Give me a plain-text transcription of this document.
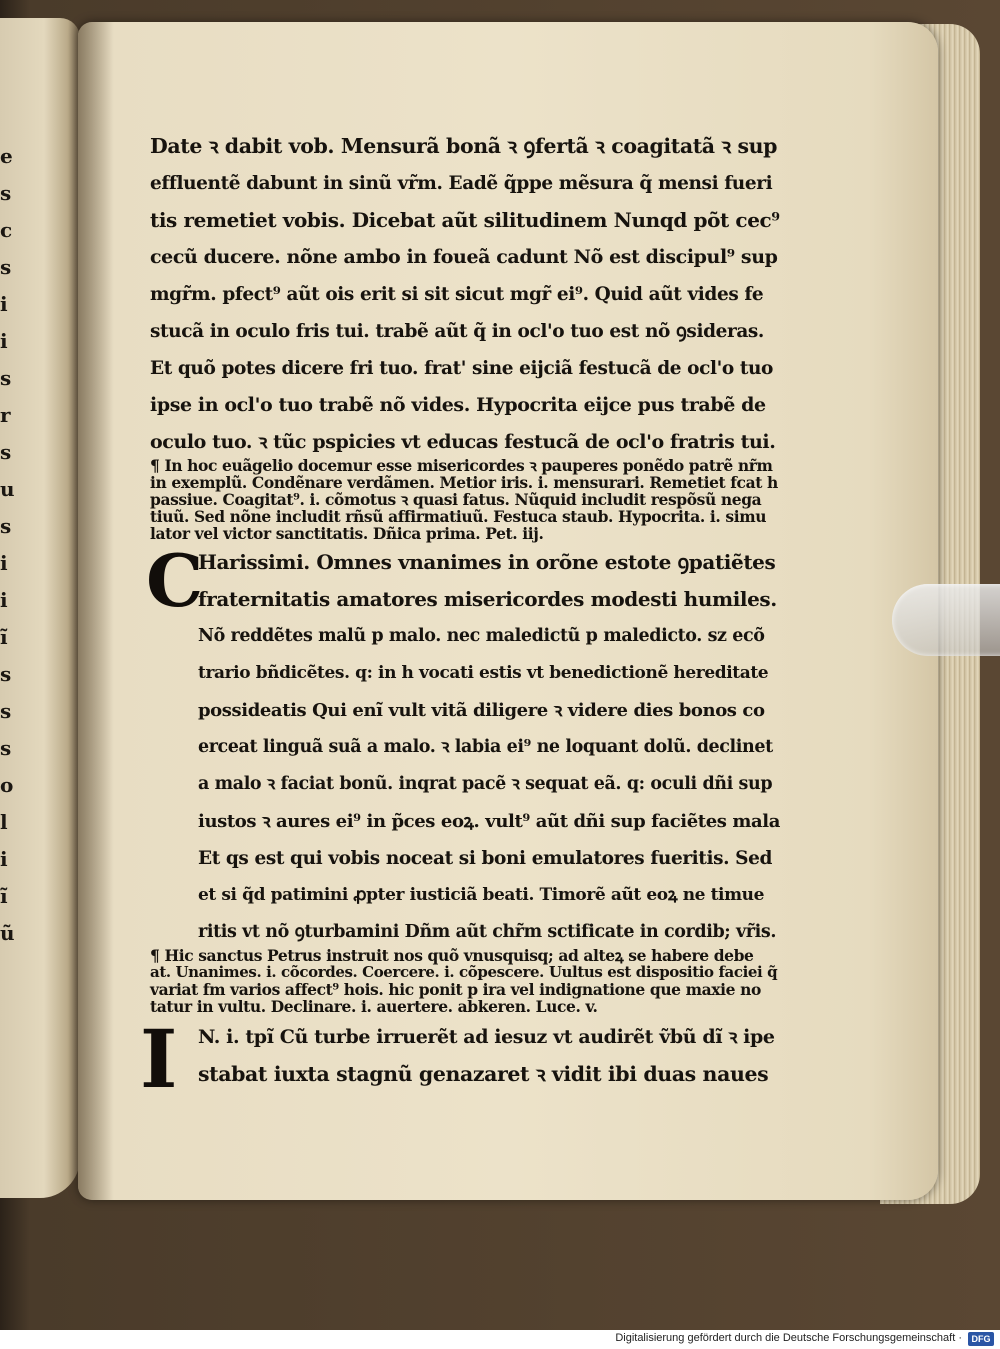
e
s
c
s
i
i
s
r
s
u
s
i
i
ĩ
s
s
s
o
l
i
ĩ
ũ
Date ꝛ dabit vob. Mensurã bonã ꝛ ꝯfertã ꝛ coagitatã ꝛ sup
effluentẽ dabunt in sinũ vr̃m. Eadẽ q̃ppe mẽsura q̃ mensi fueri
tis remetiet vobis. Dicebat aũt silitudinem Nunqd põt cec⁹
cecũ ducere. nõne ambo in foueã cadunt Nõ est discipul⁹ sup
mgr̃m. pfect⁹ aũt ois erit si sit sicut mgr̃ ei⁹. Quid aũt vides fe
stucã in oculo fris tui. trabẽ aũt q̃ in ocl'o tuo est nõ ꝯsideras.
Et quõ potes dicere fri tuo. frat' sine eijciã festucã de ocl'o tuo
ipse in ocl'o tuo trabẽ nõ vides. Hypocrita eijce pus trabẽ de
oculo tuo. ꝛ tũc pspicies vt educas festucã de ocl'o fratris tui.
¶ In hoc euãgelio docemur esse misericordes ꝛ pauperes ponẽdo patrẽ nr̃m
in exemplũ. Condẽnare verdãmen. Metior iris. i. mensurari. Remetiet fcat h
passiue. Coagitat⁹. i. cõmotus ꝛ quasi fatus. Nũquid includit respõsũ nega
tiuũ. Sed nõne includit rñsũ affirmatiuũ. Festuca staub. Hypocrita. i. simu
lator vel victor sanctitatis. Dñica prima. Pet. iij.
C
Harissimi. Omnes vnanimes in orõne estote ꝯpatiẽtes
fraternitatis amatores misericordes modesti humiles.
Nõ reddẽtes malũ p malo. nec maledictũ p maledicto. sz ecõ
trario bñdicẽtes. q: in h vocati estis vt benedictionẽ hereditate
possideatis Qui enĩ vult vitã diligere ꝛ videre dies bonos co
erceat linguã suã a malo. ꝛ labia ei⁹ ne loquant dolũ. declinet
a malo ꝛ faciat bonũ. inqrat pacẽ ꝛ sequat eã. q: oculi dñi sup
iustos ꝛ aures ei⁹ in p̃ces eoꝝ. vult⁹ aũt dñi sup faciẽtes mala
Et qs est qui vobis noceat si boni emulatores fueritis. Sed
et si q̃d patimini ꝓpter iusticiã beati. Timorẽ aũt eoꝝ ne timue
ritis vt nõ ꝯturbamini Dñm aũt chr̃m sctificate in cordib; vr̃is.
¶ Hic sanctus Petrus instruit nos quõ vnusquisq; ad alteꝝ se habere debe
at. Unanimes. i. cõcordes. Coercere. i. cõpescere. Uultus est dispositio faciei q̃
variat fm varios affect⁹ hois. hic ponit p ira vel indignatione que maxie no
tatur in vultu. Declinare. i. auertere. abkeren. Luce. v.
I N. i. tpĩ Cũ turbe irruerẽt ad iesuz vt audirẽt ṽbũ dĩ ꝛ ipe
stabat iuxta stagnũ genazaret ꝛ vidit ibi duas naues
Digitalisierung gefördert durch die Deutsche Forschungsgemeinschaft ·	DFG
